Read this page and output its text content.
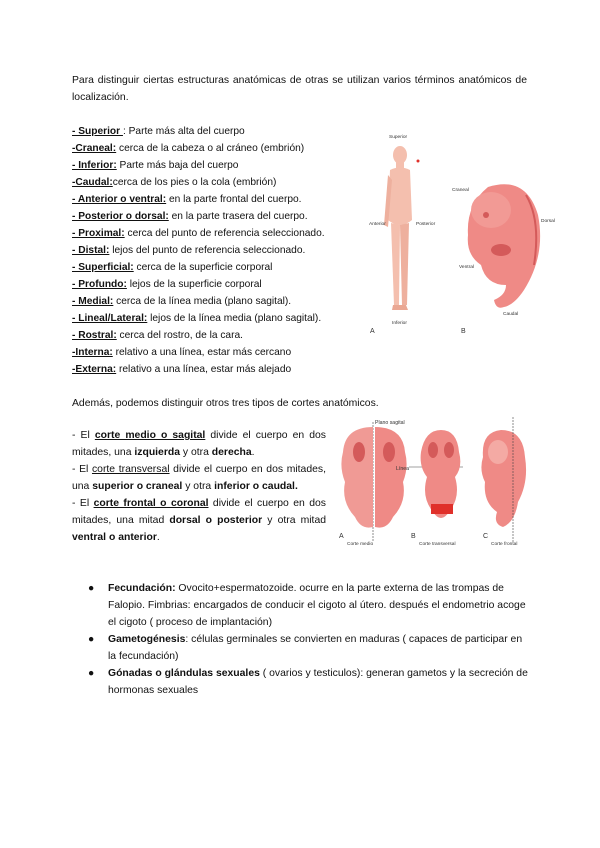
Para distinguir ciertas estructuras anatómicas de otras se utilizan varios términos anatómicos de localización.
- Superior : Parte más alta del cuerpo
-Craneal: cerca de la cabeza o al cráneo (embrión)
- Inferior: Parte más baja del cuerpo
-Caudal:cerca de los pies o la cola (embrión)
- Anterior o ventral: en la parte frontal del cuerpo.
- Posterior o dorsal: en la parte trasera del cuerpo.
- Proximal: cerca del punto de referencia seleccionado.
- Distal: lejos del punto de referencia seleccionado.
- Superficial: cerca de la superficie corporal
- Profundo: lejos de la superficie corporal
- Medial: cerca de la línea media (plano sagital).
- Lineal/Lateral: lejos de la línea media (plano sagital).
- Rostral: cerca del rostro, de la cara.
-Interna: relativo a una línea, estar más cercano
-Externa: relativo a una línea, estar más alejado
Superior
Anterior	Posterior
Inferior
A
Craneal
Dorsal
Ventral
Caudal
B
Además, podemos distinguir otros tres tipos de cortes anatómicos.
- El corte medio o sagital divide el cuerpo en dos mitades, una izquierda y otra derecha.
- El corte transversal divide el cuerpo en dos mitades, una superior o craneal y otra inferior o caudal.
- El corte frontal o coronal divide el cuerpo en dos mitades, una mitad dorsal o posterior y otra mitad ventral o anterior.
Plano sagital
A
Corte medio
Línea
B
Corte transversal
C
Corte frontal
● Fecundación: Ovocito+espermatozoide. ocurre en la parte externa de las trompas de Falopio. Fimbrias: encargados de conducir el cigoto al útero. después el endometrio acoge el cigoto ( proceso de implantación)
● Gametogénesis: células germinales se convierten en maduras ( capaces de participar en la fecundación)
● Gónadas o glándulas sexuales ( ovarios y testiculos): generan gametos y la secreción de hormonas sexuales
